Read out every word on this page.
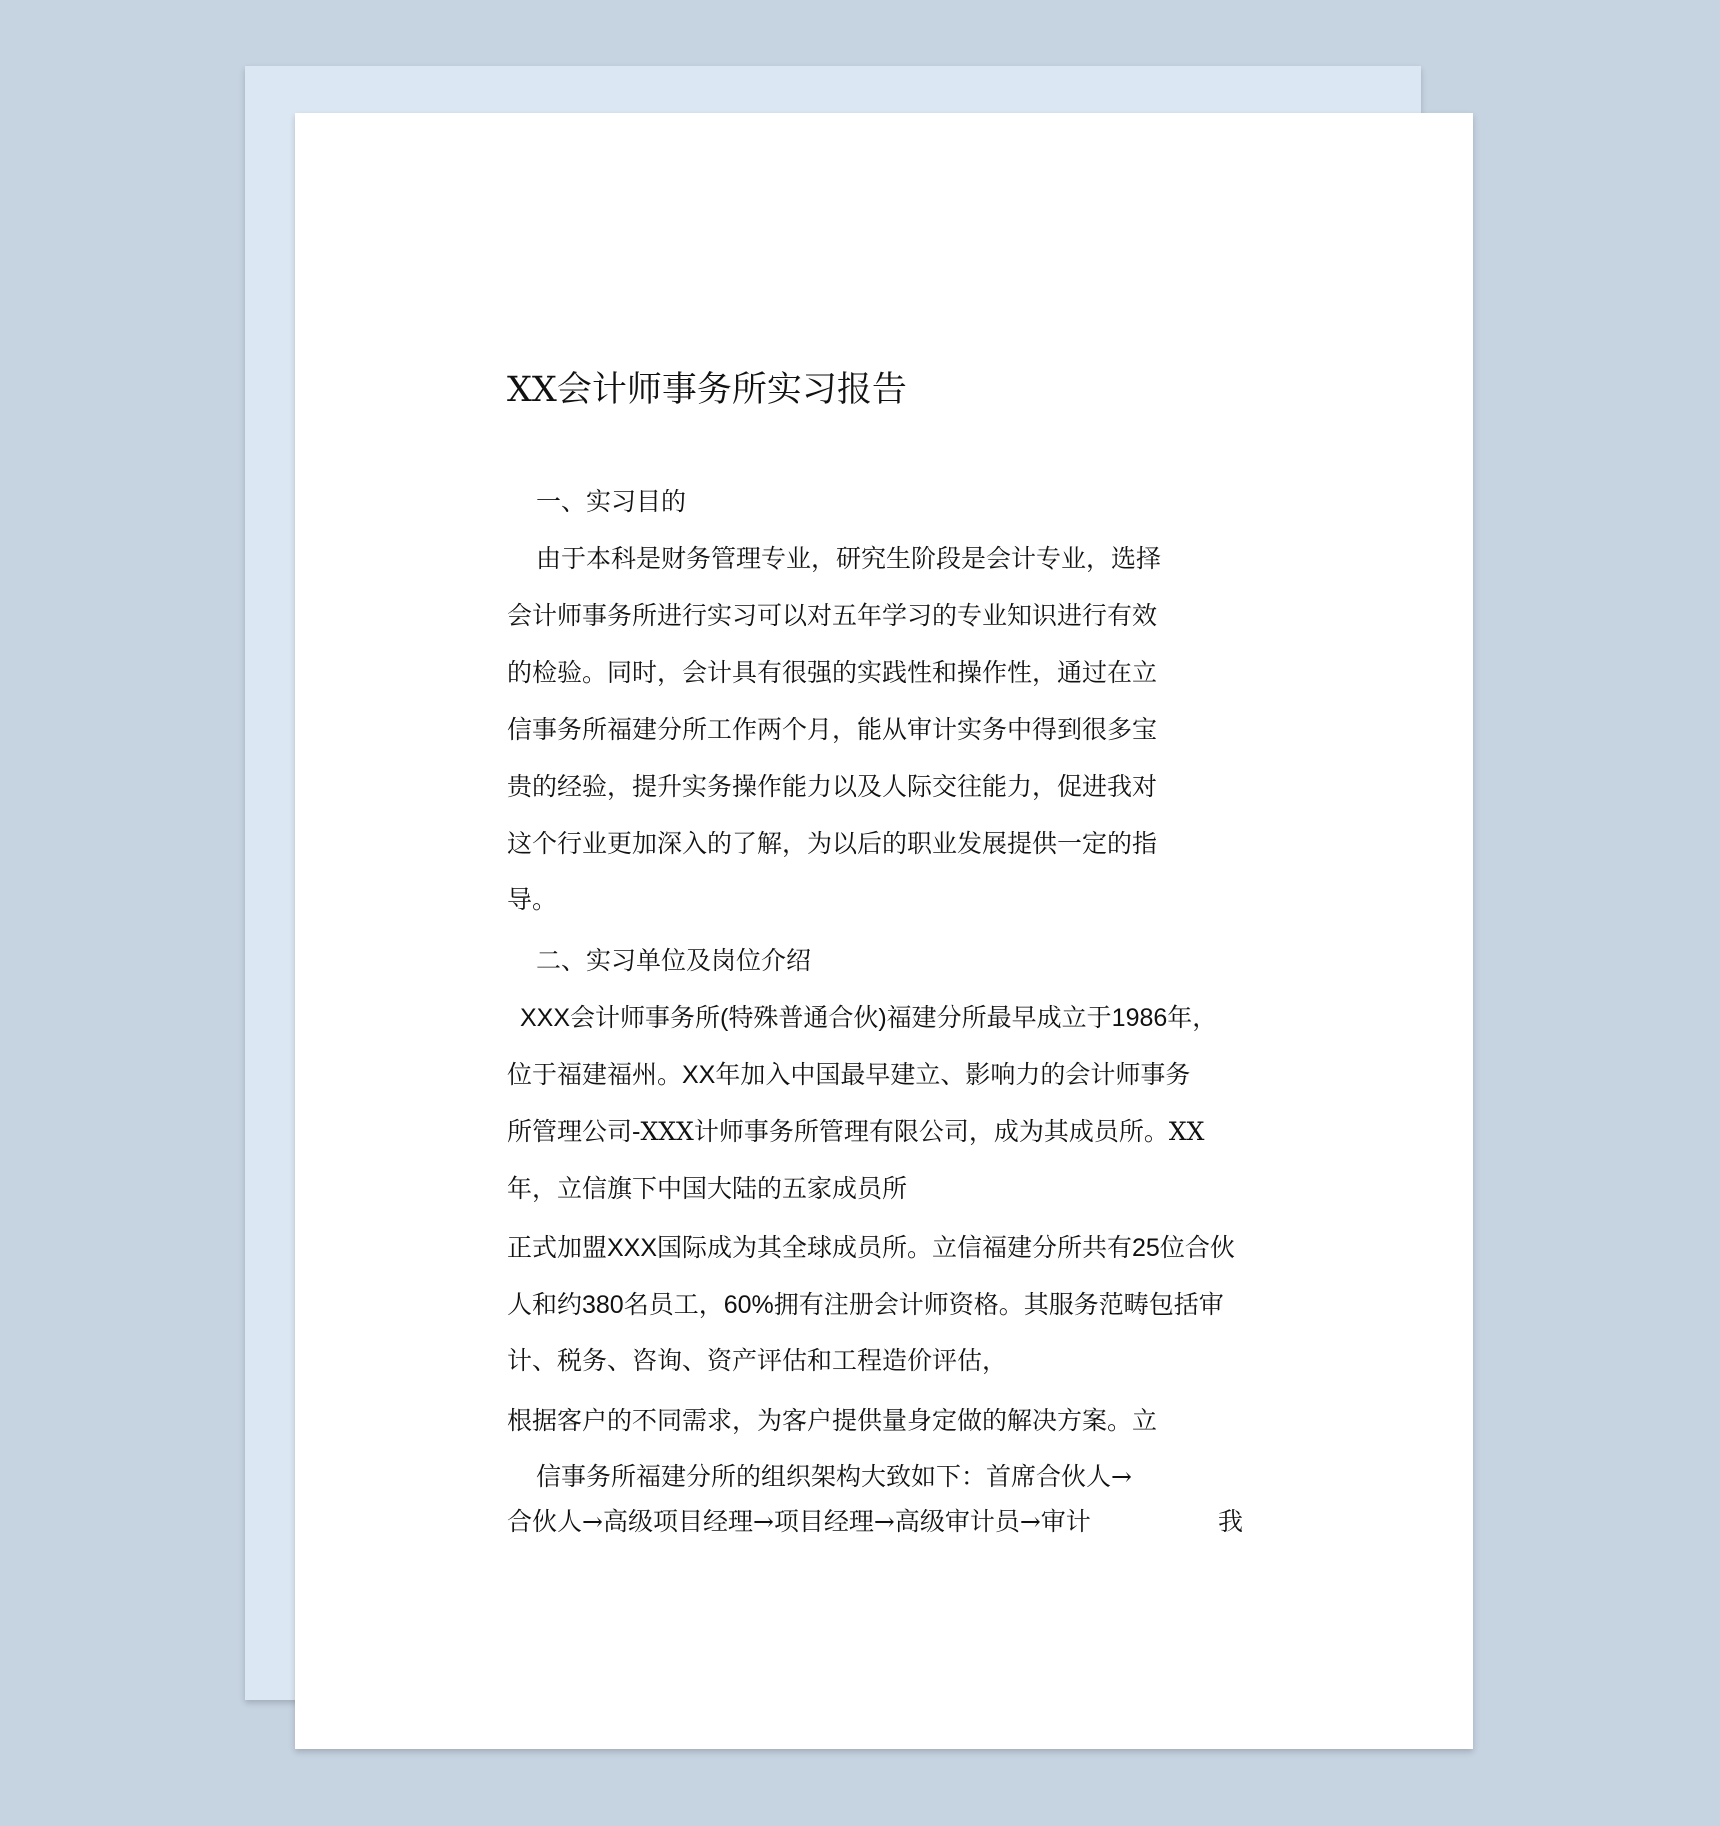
XX会计师事务所实习报告
一、实习目的
由于本科是财务管理专业，研究生阶段是会计专业，选择
会计师事务所进行实习可以对五年学习的专业知识进行有效
的检验。同时，会计具有很强的实践性和操作性，通过在立
信事务所福建分所工作两个月，能从审计实务中得到很多宝
贵的经验，提升实务操作能力以及人际交往能力，促进我对
这个行业更加深入的了解，为以后的职业发展提供一定的指
导。
二、实习单位及岗位介绍
XXX会计师事务所(特殊普通合伙)福建分所最早成立于1986年，
位于福建福州。XX年加入中国最早建立、影响力的会计师事务
所管理公司-XXX计师事务所管理有限公司，成为其成员所。XX
年，立信旗下中国大陆的五家成员所
正式加盟XXX国际成为其全球成员所。立信福建分所共有25位合伙
人和约380名员工，60%拥有注册会计师资格。其服务范畴包括审
计、税务、咨询、资产评估和工程造价评估，
根据客户的不同需求，为客户提供量身定做的解决方案。立
信事务所福建分所的组织架构大致如下：首席合伙人→
合伙人→高级项目经理→项目经理→高级审计员→审计	我
